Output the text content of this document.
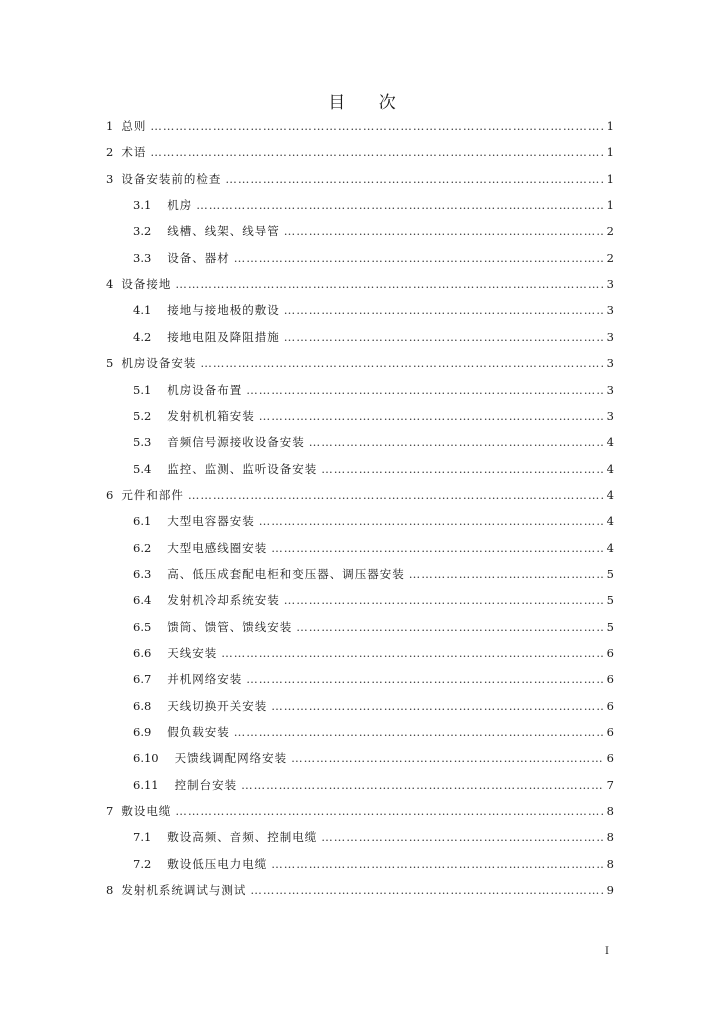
目 次
1 总则 ……………………………………………………………………………………………………………………………………………………………………………………………	1
2 术语 ……………………………………………………………………………………………………………………………………………………………………………………………	1
3 设备安装前的检查 ……………………………………………………………………………………………………………………………………………………………………………………………	1
3.1 机房 ……………………………………………………………………………………………………………………………………………………………………………………………	1
3.2 线槽、线架、线导管 ……………………………………………………………………………………………………………………………………………………………………………………………	2
3.3 设备、器材 ……………………………………………………………………………………………………………………………………………………………………………………………	2
4 设备接地 ……………………………………………………………………………………………………………………………………………………………………………………………	3
4.1 接地与接地极的敷设 ……………………………………………………………………………………………………………………………………………………………………………………………	3
4.2 接地电阻及降阻措施 ……………………………………………………………………………………………………………………………………………………………………………………………	3
5 机房设备安装 ……………………………………………………………………………………………………………………………………………………………………………………………	3
5.1 机房设备布置 ……………………………………………………………………………………………………………………………………………………………………………………………	3
5.2 发射机机箱安装 ……………………………………………………………………………………………………………………………………………………………………………………………	3
5.3 音频信号源接收设备安装 ……………………………………………………………………………………………………………………………………………………………………………………………	4
5.4 监控、监测、监听设备安装 ……………………………………………………………………………………………………………………………………………………………………………………………	4
6 元件和部件 ……………………………………………………………………………………………………………………………………………………………………………………………	4
6.1 大型电容器安装 ……………………………………………………………………………………………………………………………………………………………………………………………	4
6.2 大型电感线圈安装 ……………………………………………………………………………………………………………………………………………………………………………………………	4
6.3 高、低压成套配电柜和变压器、调压器安装 ……………………………………………………………………………………………………………………………………………………………………………………………	5
6.4 发射机冷却系统安装 ……………………………………………………………………………………………………………………………………………………………………………………………	5
6.5 馈筒、馈管、馈线安装 ……………………………………………………………………………………………………………………………………………………………………………………………	5
6.6 天线安装 ……………………………………………………………………………………………………………………………………………………………………………………………	6
6.7 并机网络安装 ……………………………………………………………………………………………………………………………………………………………………………………………	6
6.8 天线切换开关安装 ……………………………………………………………………………………………………………………………………………………………………………………………	6
6.9 假负载安装 ……………………………………………………………………………………………………………………………………………………………………………………………	6
6.10 天馈线调配网络安装 ……………………………………………………………………………………………………………………………………………………………………………………………	6
6.11 控制台安装 ……………………………………………………………………………………………………………………………………………………………………………………………	7
7 敷设电缆 ……………………………………………………………………………………………………………………………………………………………………………………………	8
7.1 敷设高频、音频、控制电缆 ……………………………………………………………………………………………………………………………………………………………………………………………	8
7.2 敷设低压电力电缆 ……………………………………………………………………………………………………………………………………………………………………………………………	8
8 发射机系统调试与测试 ……………………………………………………………………………………………………………………………………………………………………………………………	9
I
